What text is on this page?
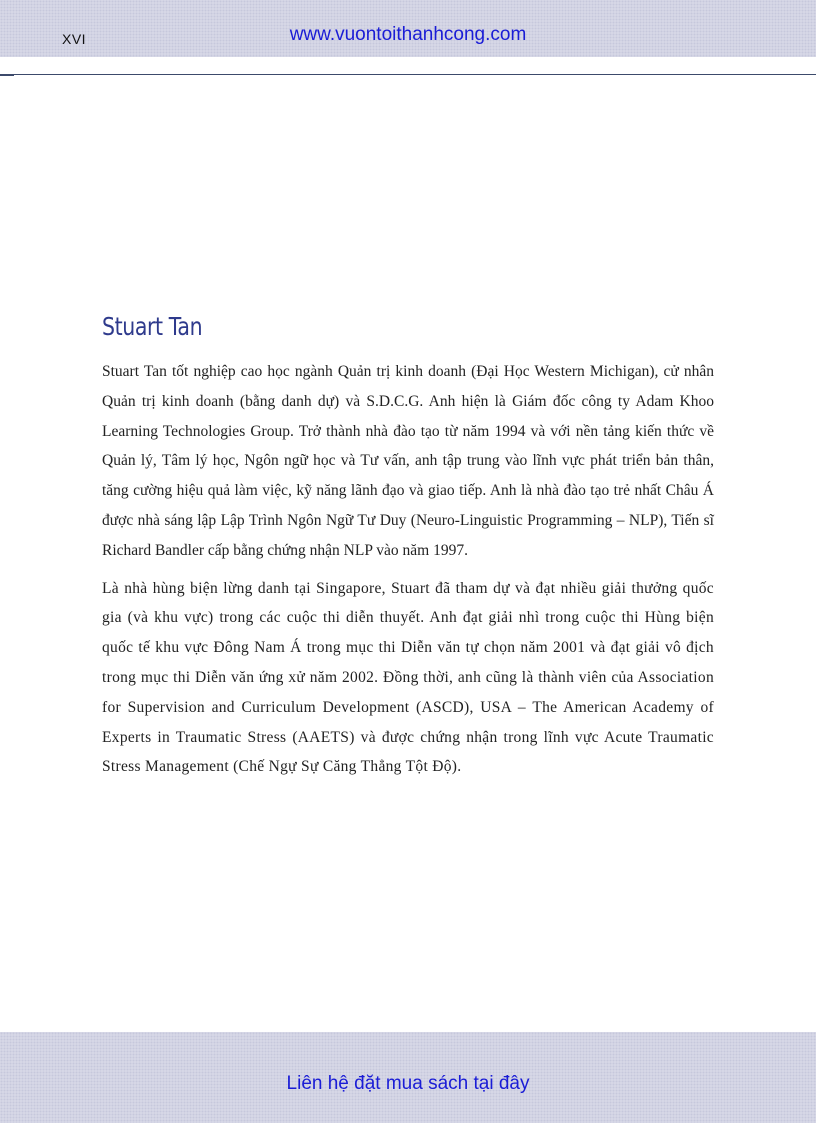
XVI	www.vuontoithanhcong.com
Stuart Tan

Stuart Tan tốt nghiệp cao học ngành Quản trị kinh doanh (Đại Học Western Michigan), cử nhân Quản trị kinh doanh (bằng danh dự) và S.D.C.G. Anh hiện là Giám đốc công ty Adam Khoo Learning Technologies Group. Trở thành nhà đào tạo từ năm 1994 và với nền tảng kiến thức về Quản lý, Tâm lý học, Ngôn ngữ học và Tư vấn, anh tập trung vào lĩnh vực phát triển bản thân, tăng cường hiệu quả làm việc, kỹ năng lãnh đạo và giao tiếp. Anh là nhà đào tạo trẻ nhất Châu Á được nhà sáng lập Lập Trình Ngôn Ngữ Tư Duy (Neuro-Linguistic Programming – NLP), Tiến sĩ Richard Bandler cấp bằng chứng nhận NLP vào năm 1997.

Là nhà hùng biện lừng danh tại Singapore, Stuart đã tham dự và đạt nhiều giải thưởng quốc gia (và khu vực) trong các cuộc thi diễn thuyết. Anh đạt giải nhì trong cuộc thi Hùng biện quốc tế khu vực Đông Nam Á trong mục thi Diễn văn tự chọn năm 2001 và đạt giải vô địch trong mục thi Diễn văn ứng xử năm 2002. Đồng thời, anh cũng là thành viên của Association for Supervision and Curriculum Development (ASCD), USA – The American Academy of Experts in Traumatic Stress (AAETS) và được chứng nhận trong lĩnh vực Acute Traumatic Stress Management (Chế Ngự Sự Căng Thẳng Tột Độ).

Liên hệ đặt mua sách tại đây
